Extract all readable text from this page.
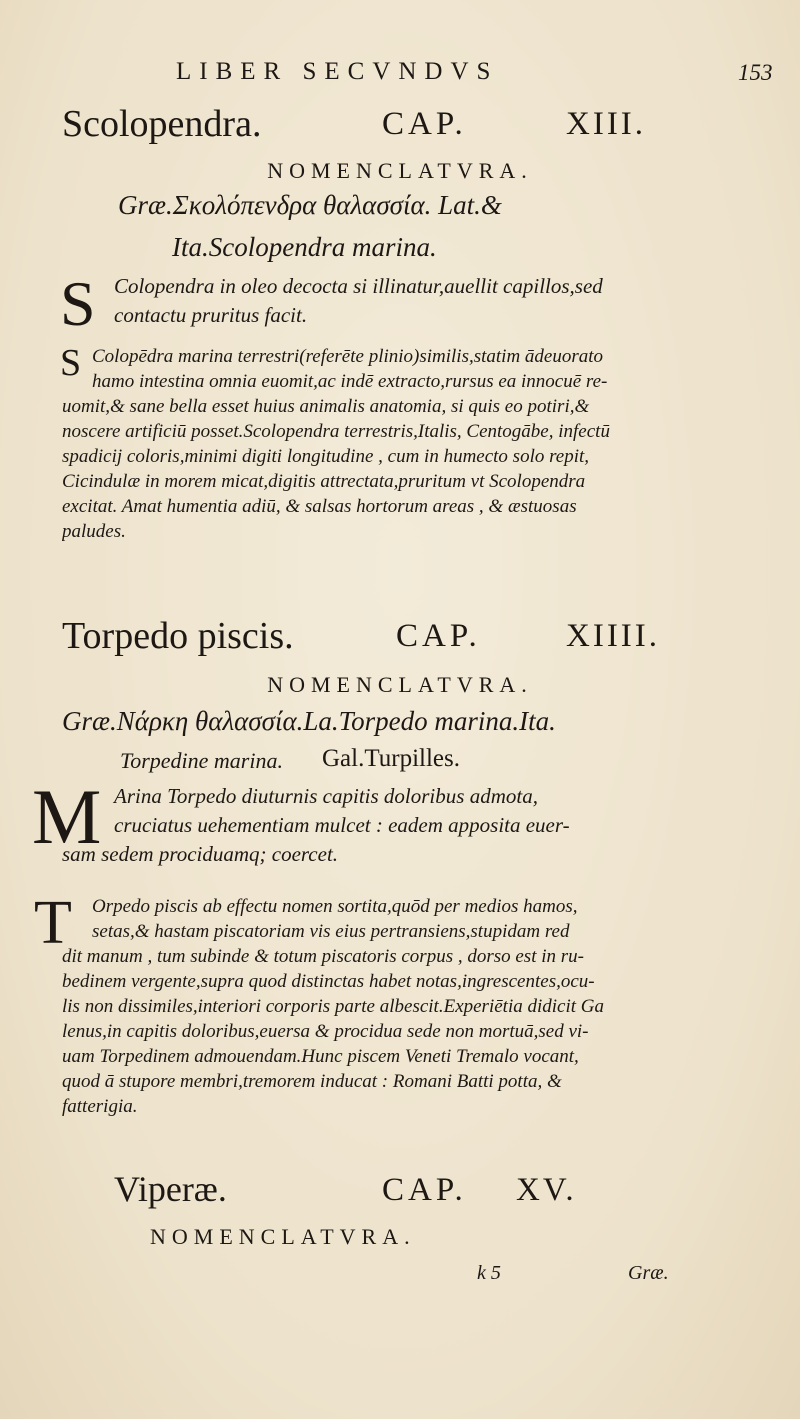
LIBER SECVNDVS	153
Scolopendra.	CAP.	XIII.
NOMENCLATVRA.
Græ.Σκολόπενδρα θαλασσία. Lat.&
Ita.Scolopendra marina.
S Colopendra in oleo decocta si illinatur,auellit capillos,sed
contactu pruritus facit.
S Colopēdra marina terrestri(referēte plinio)similis,statim ādeuorato
hamo intestina omnia euomit,ac indē extracto,rursus ea innocuē re-
uomit,& sane bella esset huius animalis anatomia, si quis eo potiri,&
noscere artificiū posset.Scolopendra terrestris,Italis, Centogābe, infectū
spadicij coloris,minimi digiti longitudine , cum in humecto solo repit,
Cicindulæ in morem micat,digitis attrectata,pruritum vt Scolopendra
excitat. Amat humentia adiū, & salsas hortorum areas , & æstuosas
paludes.
Torpedo piscis.	CAP.	XIIII.
NOMENCLATVRA.
Græ.Νάρκη θαλασσία.La.Torpedo marina.Ita.
Torpedine marina. Gal.Turpilles.
M Arina Torpedo diuturnis capitis doloribus admota,
cruciatus uehementiam mulcet : eadem apposita euer-
sam sedem prociduamq; coercet.
T	Orpedo piscis ab effectu nomen sortita,quōd per medios hamos,
setas,& hastam piscatoriam vis eius pertransiens,stupidam red
dit manum , tum subinde & totum piscatoris corpus , dorso est in ru-
bedinem vergente,supra quod distinctas habet notas,ingrescentes,ocu-
lis non dissimiles,interiori corporis parte albescit.Experiētia didicit Ga
lenus,in capitis doloribus,euersa & procidua sede non mortuā,sed vi-
uam Torpedinem admouendam.Hunc piscem Veneti Tremalo vocant,
quod ā stupore membri,tremorem inducat : Romani Batti potta, &
fatterigia.
Viperæ.	CAP. XV.
NOMENCLATVRA.
k 5	Græ.
